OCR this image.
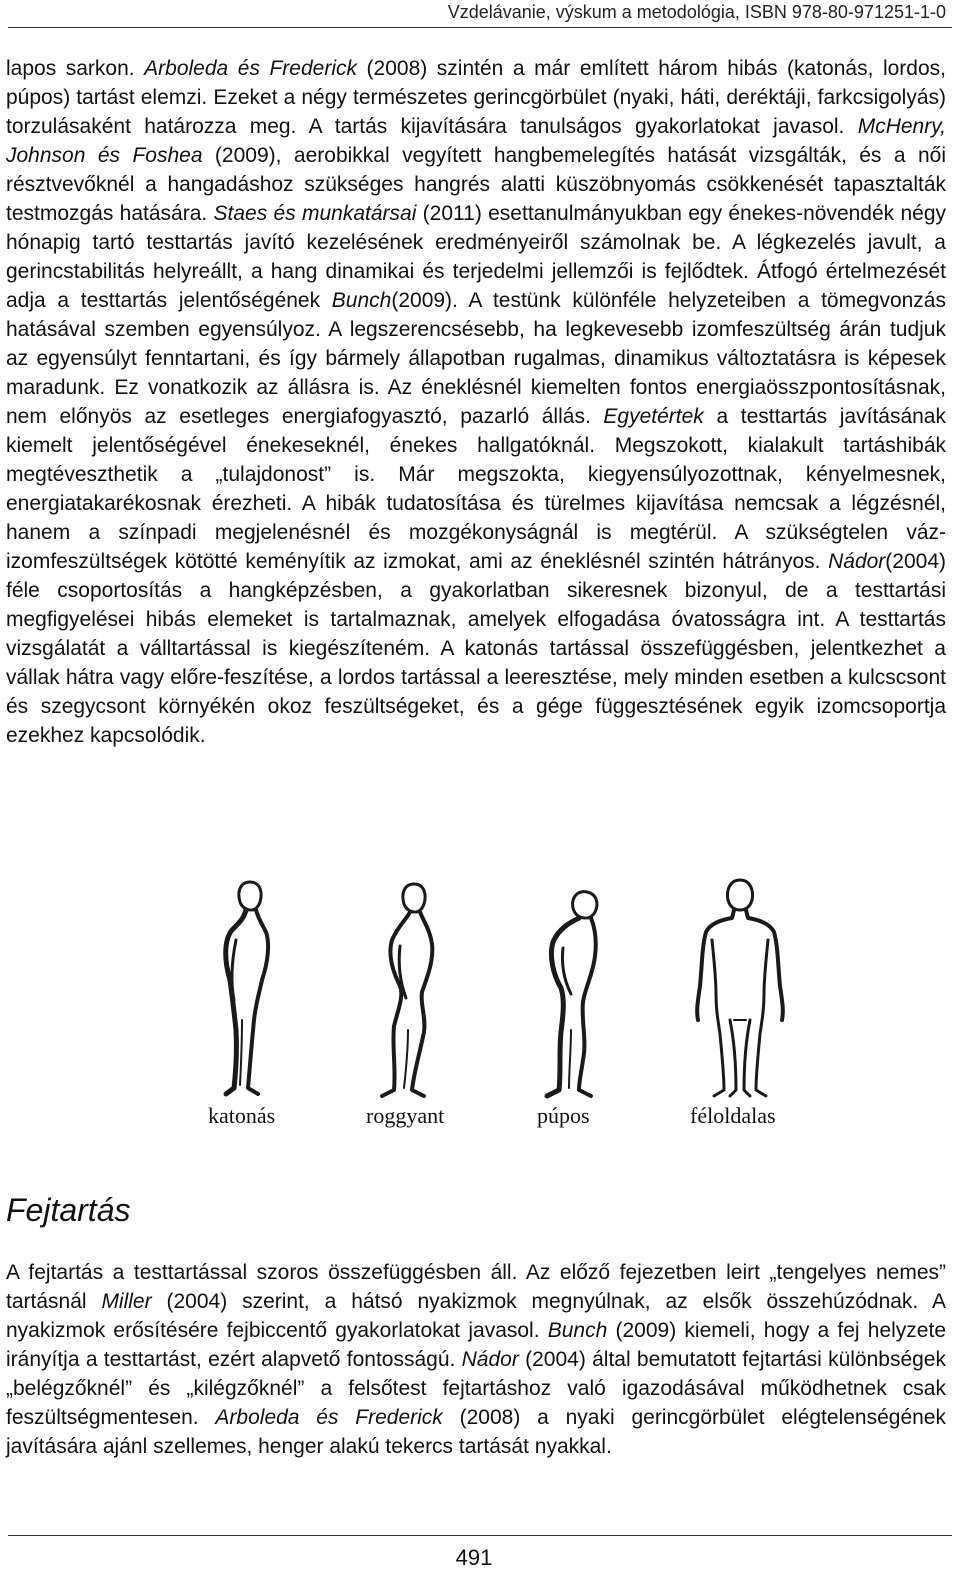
Vzdelávanie, výskum a metodológia, ISBN 978-80-971251-1-0

lapos sarkon. Arboleda és Frederick (2008) szintén a már említett három hibás (katonás, lordos, púpos) tartást elemzi. Ezeket a négy természetes gerincgörbület (nyaki, háti, deréktáji, farkcsigolyás) torzulásaként határozza meg. A tartás kijavítására tanulságos gyakorlatokat javasol. McHenry, Johnson és Foshea (2009), aerobikkal vegyített hangbemelegítés hatását vizsgálták, és a női résztvevőknél a hangadáshoz szükséges hangrés alatti küszöbnyomás csökkenését tapasztalták testmozgás hatására. Staes és munkatársai (2011) esettanulmányukban egy énekes-növendék négy hónapig tartó testtartás javító kezelésének eredményeiről számolnak be. A légkezelés javult, a gerincstabilitás helyreállt, a hang dinamikai és terjedelmi jellemzői is fejlődtek. Átfogó értelmezését adja a testtartás jelentőségének Bunch(2009). A testünk különféle helyzeteiben a tömegvonzás hatásával szemben egyensúlyoz. A legszerencsésebb, ha legkevesebb izomfeszültség árán tudjuk az egyensúlyt fenntartani, és így bármely állapotban rugalmas, dinamikus változtatásra is képesek maradunk. Ez vonatkozik az állásra is. Az éneklésnél kiemelten fontos energiaösszpontosításnak, nem előnyös az esetleges energiafogyasztó, pazarló állás. Egyetértek a testtartás javításának kiemelt jelentőségével énekeseknél, énekes hallgatóknál. Megszokott, kialakult tartáshibák megtéveszthetik a „tulajdonost” is. Már megszokta, kiegyensúlyozottnak, kényelmesnek, energiatakarékosnak érezheti. A hibák tudatosítása és türelmes kijavítása nemcsak a légzésnél, hanem a színpadi megjelenésnél és mozgékonyságnál is megtérül. A szükségtelen váz-izomfeszültségek kötötté keményítik az izmokat, ami az éneklésnél szintén hátrányos. Nádor(2004) féle csoportosítás a hangképzésben, a gyakorlatban sikeresnek bizonyul, de a testtartási megfigyelései hibás elemeket is tartalmaznak, amelyek elfogadása óvatosságra int. A testtartás vizsgálatát a válltartással is kiegészíteném. A katonás tartással összefüggésben, jelentkezhet a vállak hátra vagy előre-feszítése, a lordos tartással a leeresztése, mely minden esetben a kulcscsont és szegycsont környékén okoz feszültségeket, és a gége függesztésének egyik izomcsoportja ezekhez kapcsolódik.

katonás	roggyant	púpos	féloldalas
Fejtartás

A fejtartás a testtartással szoros összefüggésben áll. Az előző fejezetben leirt „tengelyes nemes” tartásnál Miller (2004) szerint, a hátsó nyakizmok megnyúlnak, az elsők összehúzódnak. A nyakizmok erősítésére fejbiccentő gyakorlatokat javasol. Bunch (2009) kiemeli, hogy a fej helyzete irányítja a testtartást, ezért alapvető fontosságú. Nádor (2004) által bemutatott fejtartási különbségek „belégzőknél” és „kilégzőknél” a felsőtest fejtartáshoz való igazodásával működhetnek csak feszültségmentesen. Arboleda és Frederick (2008) a nyaki gerincgörbület elégtelenségének javítására ajánl szellemes, henger alakú tekercs tartását nyakkal.

491
